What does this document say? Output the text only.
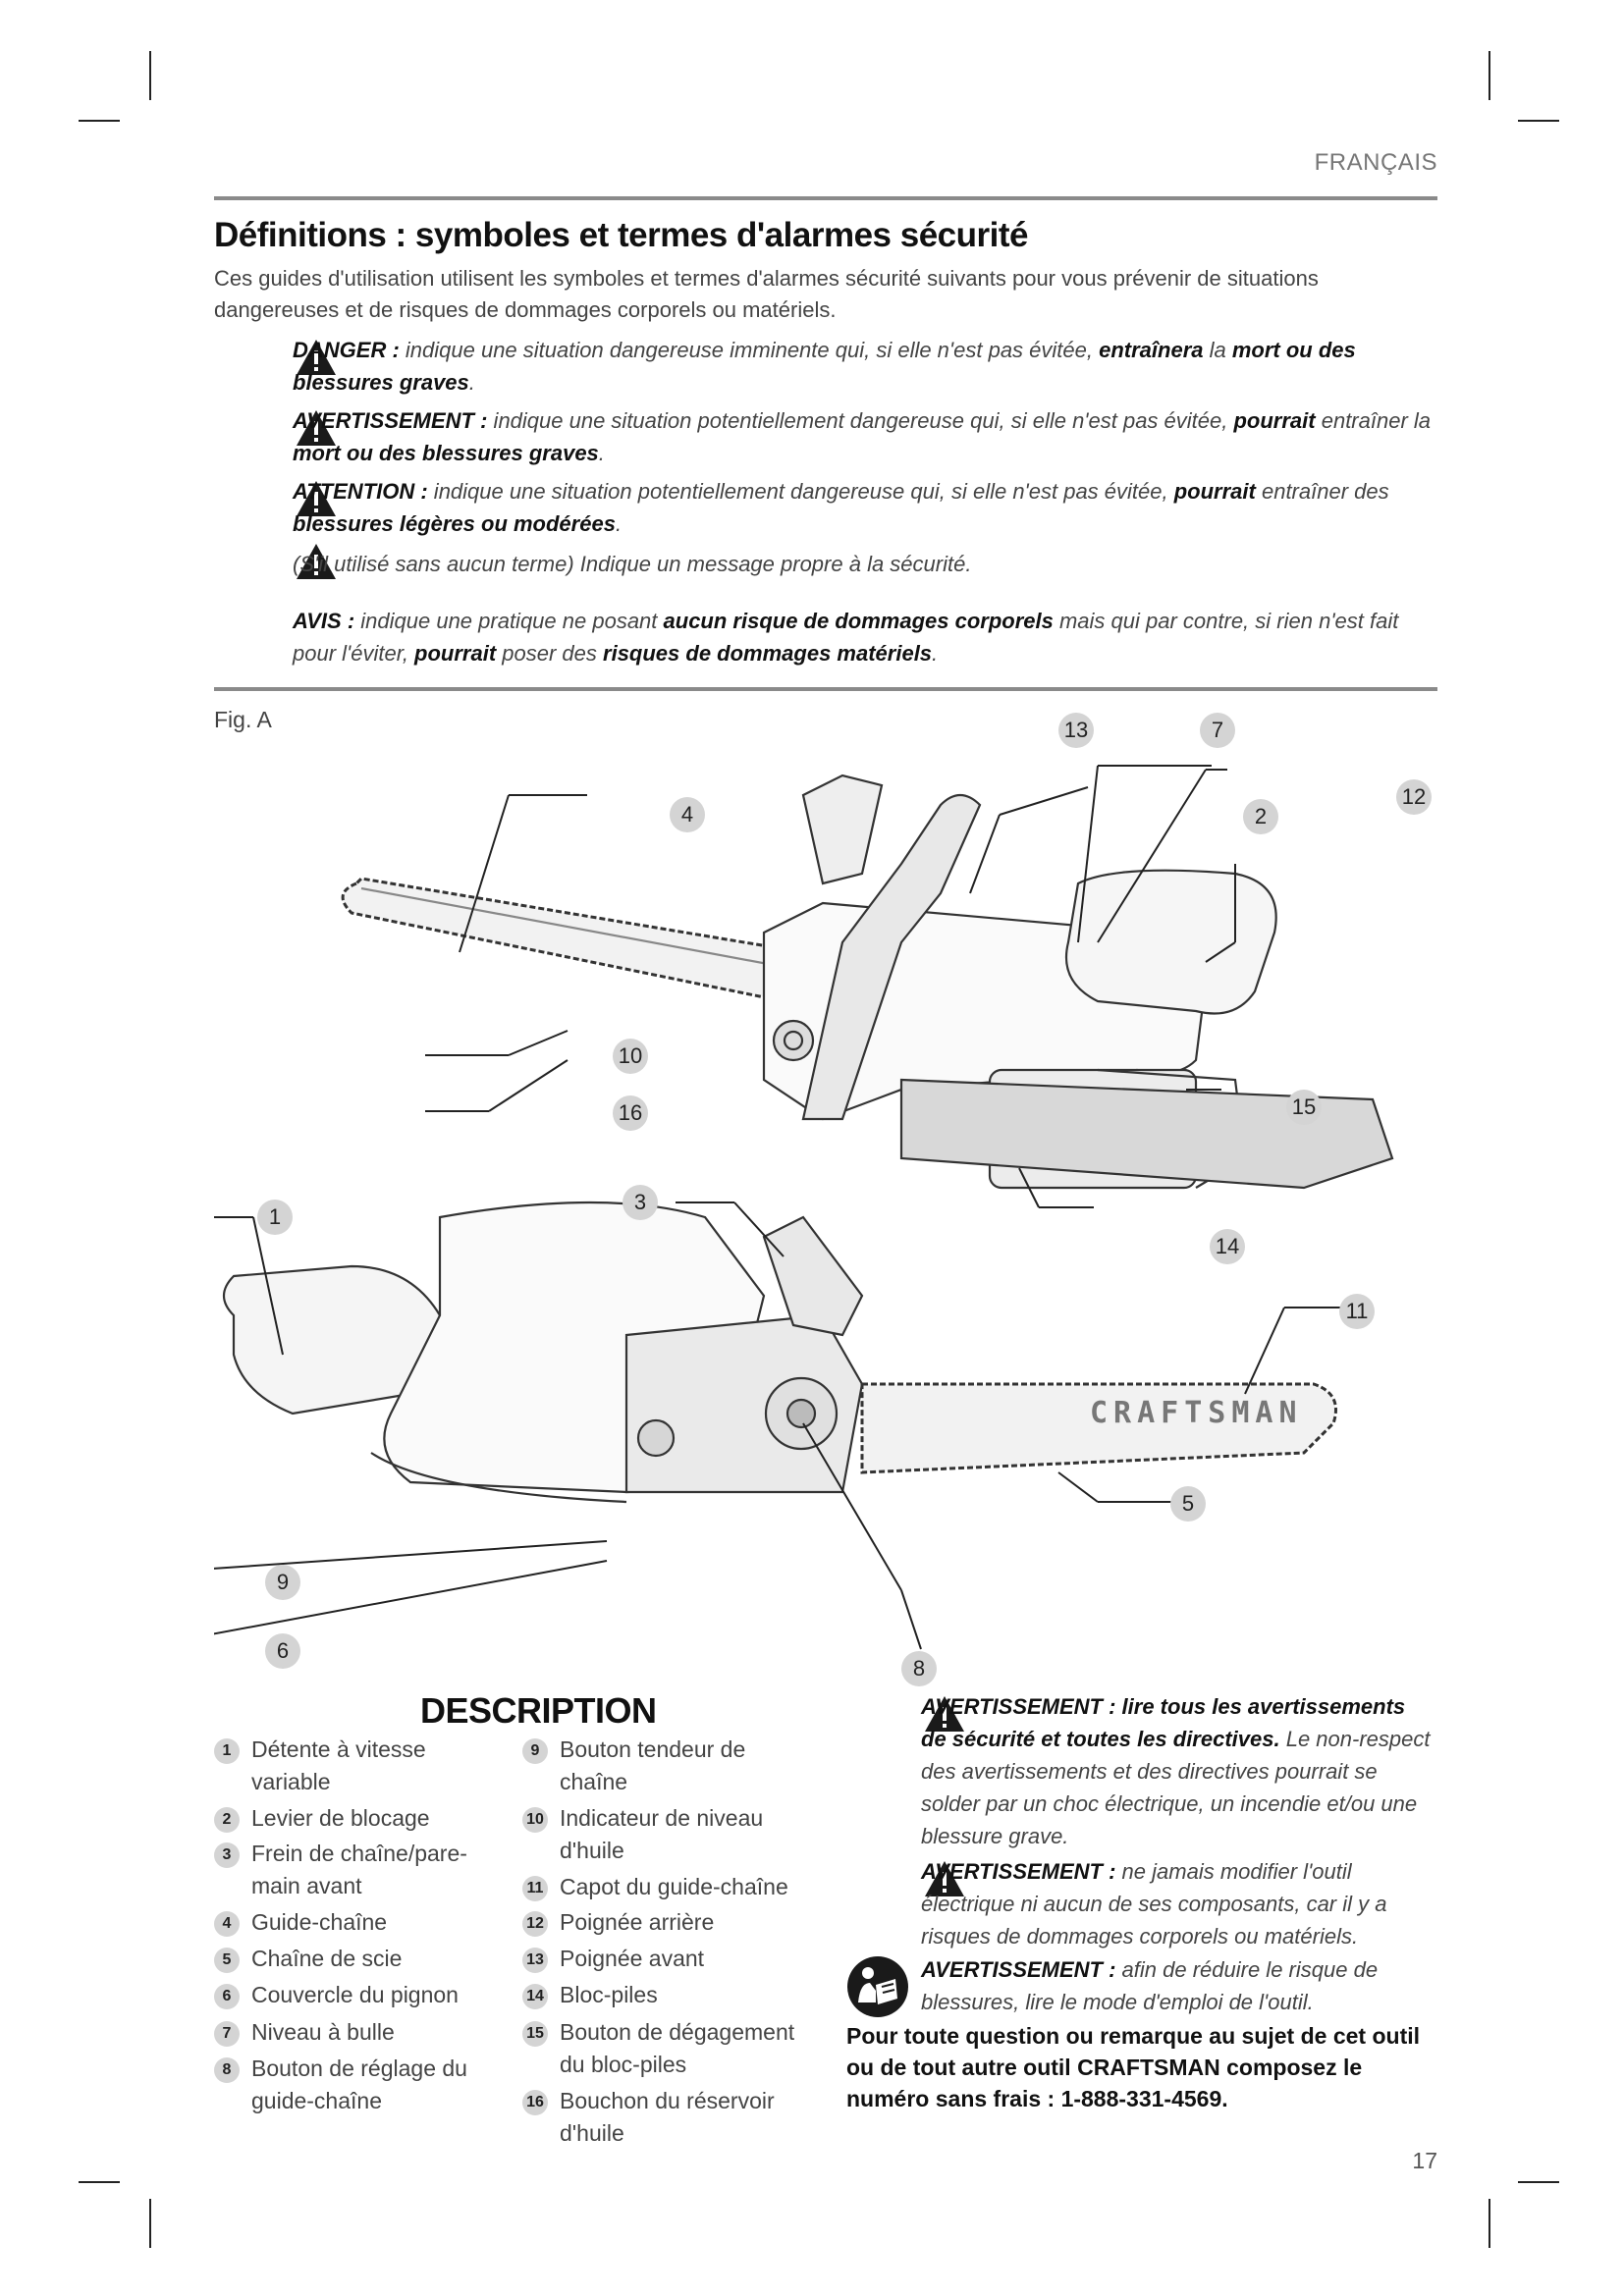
FRANÇAIS
Définitions : symboles et termes d'alarmes sécurité
Ces guides d'utilisation utilisent les symboles et termes d'alarmes sécurité suivants pour vous prévenir de situations dangereuses et de risques de dommages corporels ou matériels.
DANGER : indique une situation dangereuse imminente qui, si elle n'est pas évitée, entraînera la mort ou des blessures graves.
AVERTISSEMENT : indique une situation potentiellement dangereuse qui, si elle n'est pas évitée, pourrait entraîner la mort ou des blessures graves.
ATTENTION : indique une situation potentiellement dangereuse qui, si elle n'est pas évitée, pourrait entraîner des blessures légères ou modérées.
(S'il utilisé sans aucun terme) Indique un message propre à la sécurité.
AVIS : indique une pratique ne posant aucun risque de dommages corporels mais qui par contre, si rien n'est fait pour l'éviter, pourrait poser des risques de dommages matériels.
Fig. A
1
2
3
4
5
6
7
8
9
10
11
12
13
14
15
16
CRAFTSMAN
DESCRIPTION
1 Détente à vitesse variable
2 Levier de blocage
3 Frein de chaîne/pare-main avant
4 Guide-chaîne
5 Chaîne de scie
6 Couvercle du pignon
7 Niveau à bulle
8 Bouton de réglage du guide-chaîne
9 Bouton tendeur de chaîne
10 Indicateur de niveau d'huile
11 Capot du guide-chaîne
12 Poignée arrière
13 Poignée avant
14 Bloc-piles
15 Bouton de dégagement du bloc-piles
16 Bouchon du réservoir d'huile
AVERTISSEMENT : lire tous les avertissements de sécurité et toutes les directives. Le non-respect des avertissements et des directives pourrait se solder par un choc électrique, un incendie et/ou une blessure grave.
AVERTISSEMENT : ne jamais modifier l'outil électrique ni aucun de ses composants, car il y a risques de dommages corporels ou matériels.
AVERTISSEMENT : afin de réduire le risque de blessures, lire le mode d'emploi de l'outil.
Pour toute question ou remarque au sujet de cet outil ou de tout autre outil CRAFTSMAN composez le numéro sans frais : 1-888-331-4569.
17
